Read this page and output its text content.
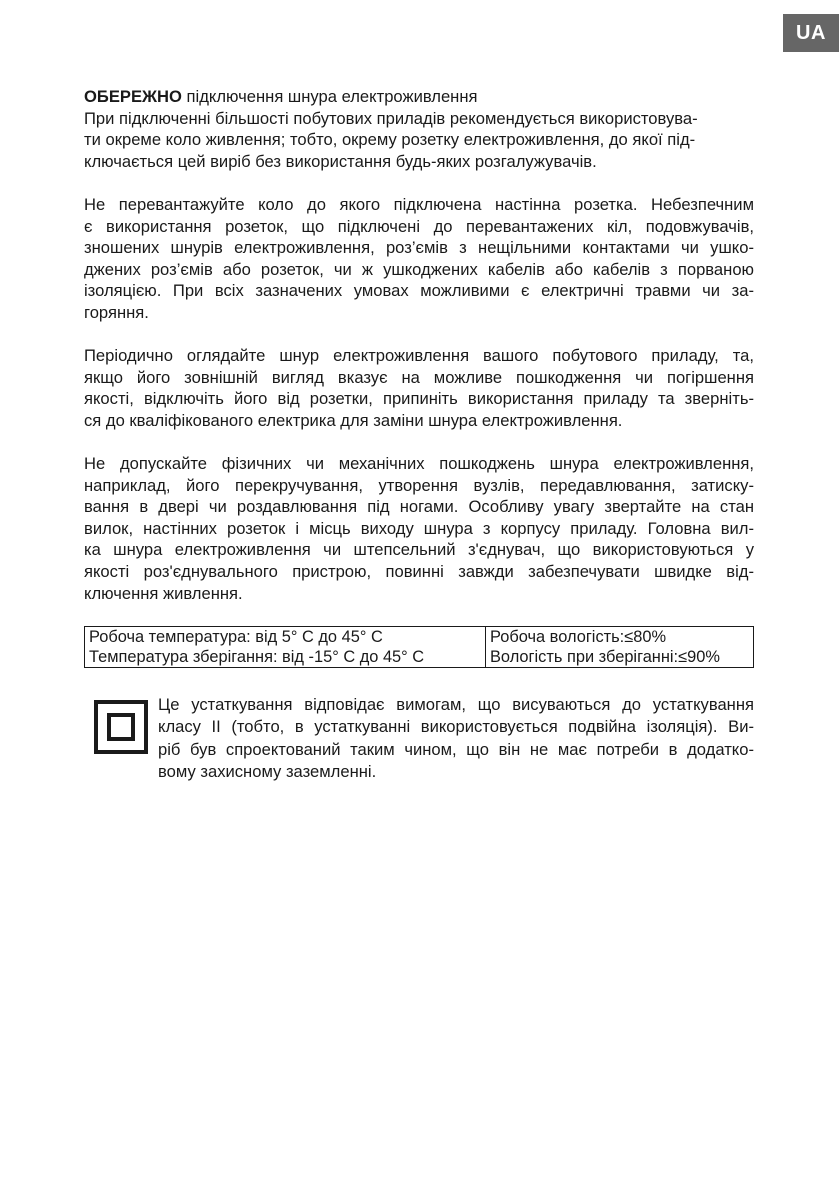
UA
ОБЕРЕЖНО підключення шнура електроживлення
При підключенні більшості побутових приладів рекомендується використовува-
ти окреме коло живлення; тобто, окрему розетку електроживлення, до якої під-
ключається цей виріб без використання будь-яких розгалужувачів.
Не перевантажуйте коло до якого підключена настінна розетка. Небезпечним
є використання розеток, що підключені до перевантажених кіл, подовжувачів,
зношених шнурів електроживлення, роз’ємів з нещільними контактами чи ушко-
джених роз’ємів або розеток, чи ж ушкоджених кабелів або кабелів з порваною
ізоляцією. При всіх зазначених умовах можливими є електричні травми чи за-
горяння.
Періодично оглядайте шнур електроживлення вашого побутового приладу, та,
якщо його зовнішній вигляд вказує на можливе пошкодження чи погіршення
якості, відключіть його від розетки, припиніть використання приладу та зверніть-
ся до кваліфікованого електрика для заміни шнура електроживлення.
Не допускайте фізичних чи механічних пошкоджень шнура електроживлення,
наприклад, його перекручування, утворення вузлів, передавлювання, затиску-
вання в двері чи роздавлювання під ногами. Особливу увагу звертайте на стан
вилок, настінних розеток і місць виходу шнура з корпусу приладу. Головна вил-
ка шнура електроживлення чи штепсельний з'єднувач, що використовуються у
якості роз'єднувального пристрою, повинні завжди забезпечувати швидке від-
ключення живлення.
Робоча температура: від 5° С до 45° С	Робоча вологість:≤80%
Температура зберігання: від -15° С до 45° С	Вологість при зберіганні:≤90%
Це устаткування відповідає вимогам, що висуваються до устаткування
класу II (тобто, в устаткуванні використовується подвійна ізоляція). Ви-
ріб був спроектований таким чином, що він не має потреби в додатко-
вому захисному заземленні.
